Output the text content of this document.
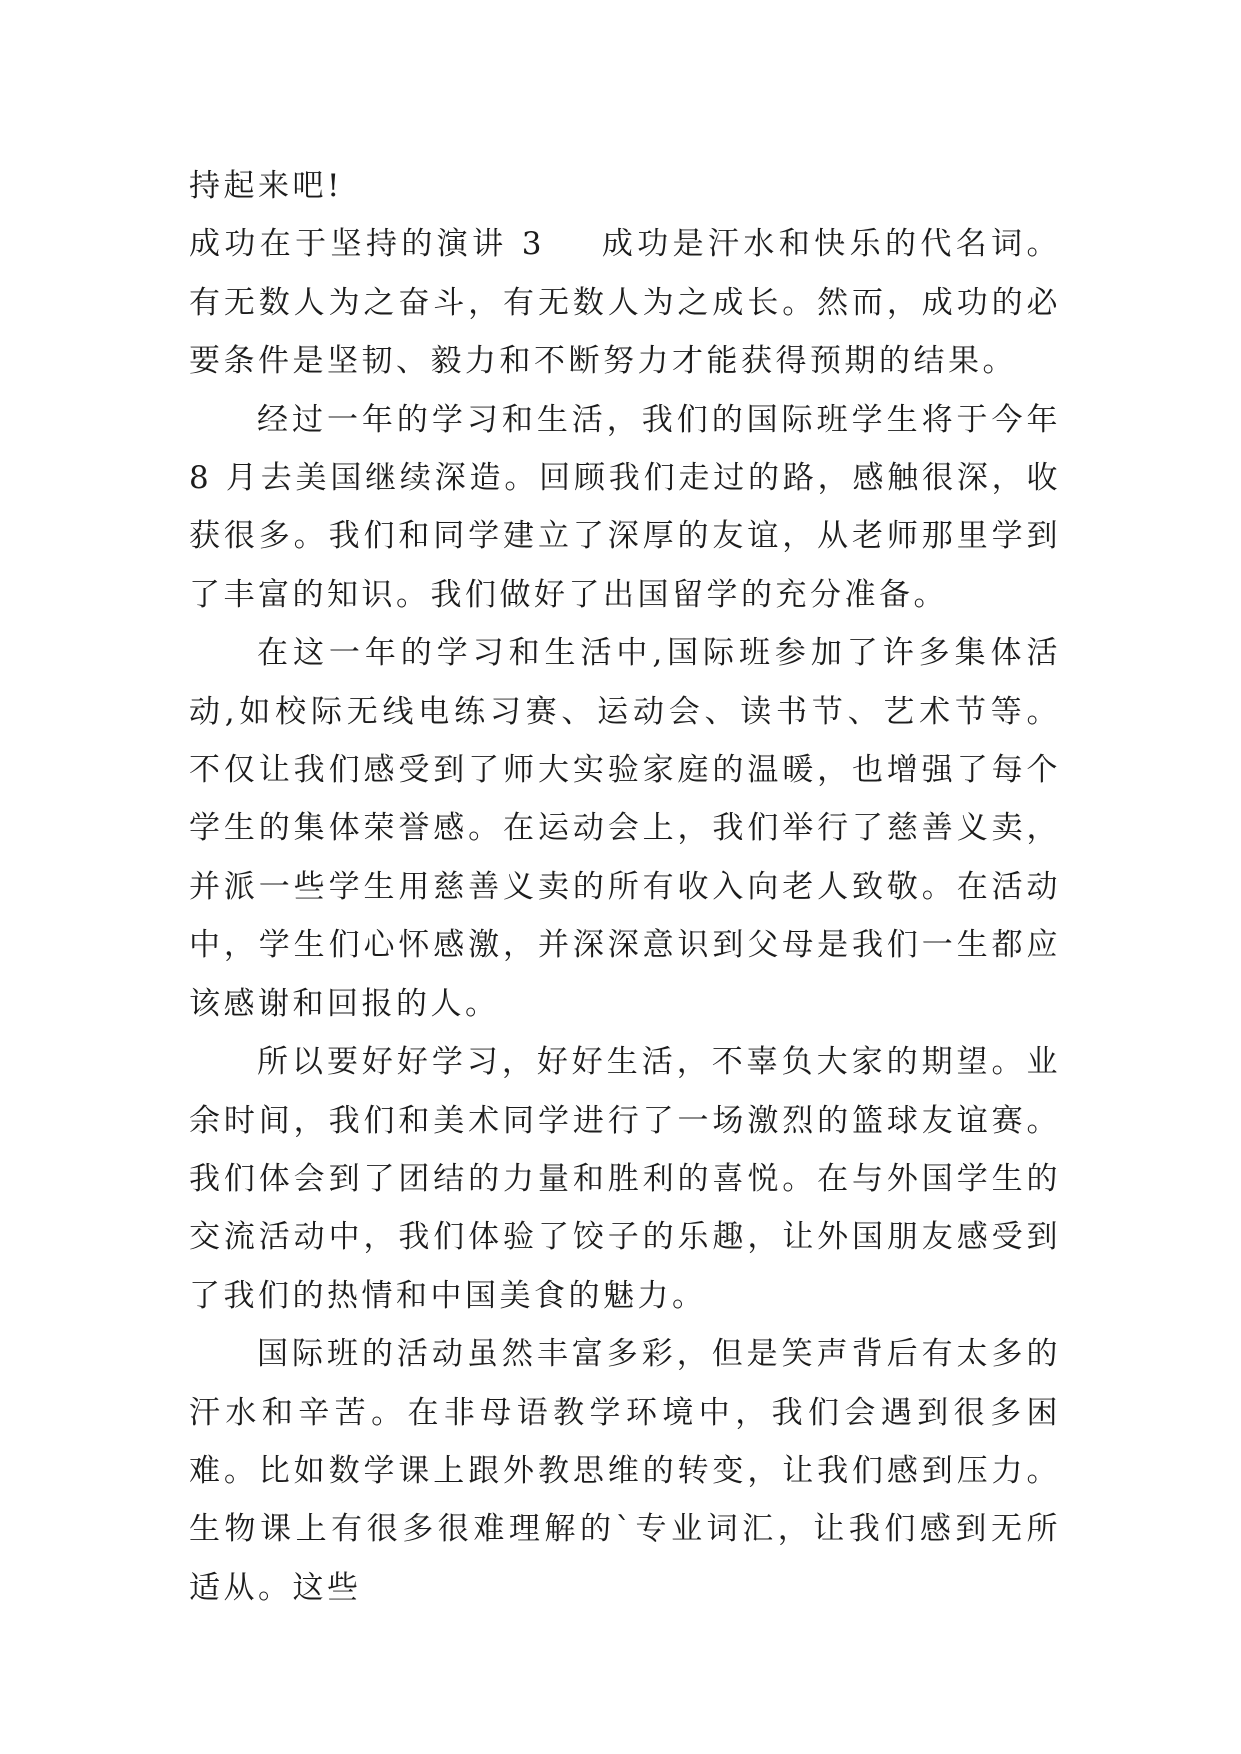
持起来吧!

成功在于坚持的演讲 3 成功是汗水和快乐的代名词。有无数人为之奋斗，有无数人为之成长。然而，成功的必要条件是坚韧、毅力和不断努力才能获得预期的结果。

经过一年的学习和生活，我们的国际班学生将于今年 8 月去美国继续深造。回顾我们走过的路，感触很深，收获很多。我们和同学建立了深厚的友谊，从老师那里学到了丰富的知识。我们做好了出国留学的充分准备。

在这一年的学习和生活中,国际班参加了许多集体活动,如校际无线电练习赛、运动会、读书节、艺术节等。不仅让我们感受到了师大实验家庭的温暖，也增强了每个学生的集体荣誉感。在运动会上，我们举行了慈善义卖，并派一些学生用慈善义卖的所有收入向老人致敬。在活动中，学生们心怀感激，并深深意识到父母是我们一生都应该感谢和回报的人。

所以要好好学习，好好生活，不辜负大家的期望。业余时间，我们和美术同学进行了一场激烈的篮球友谊赛。我们体会到了团结的力量和胜利的喜悦。在与外国学生的交流活动中，我们体验了饺子的乐趣，让外国朋友感受到了我们的热情和中国美食的魅力。

国际班的活动虽然丰富多彩，但是笑声背后有太多的汗水和辛苦。在非母语教学环境中，我们会遇到很多困难。比如数学课上跟外教思维的转变，让我们感到压力。生物课上有很多很难理解的`专业词汇，让我们感到无所适从。这些
